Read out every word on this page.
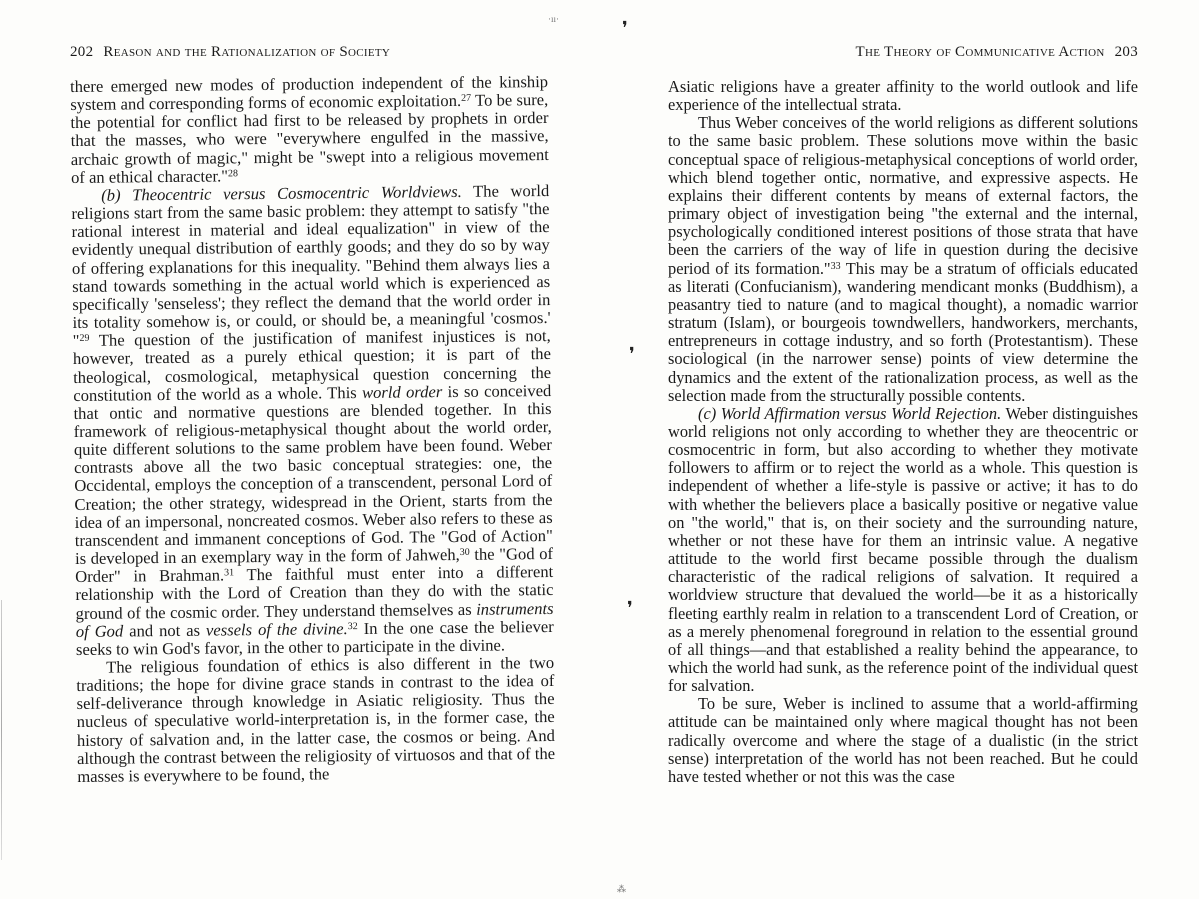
202 Reason and the Rationalization of Society

there emerged new modes of production independent of the kinship system and corresponding forms of economic exploitation.$^{27}$ To be sure, the potential for conflict had first to be released by prophets in order that the masses, who were "everywhere engulfed in the massive, archaic growth of magic," might be "swept into a religious movement of an ethical character."$^{28}$

(b) Theocentric versus Cosmocentric Worldviews. The world religions start from the same basic problem: they attempt to satisfy "the rational interest in material and ideal equalization" in view of the evidently unequal distribution of earthly goods; and they do so by way of offering explanations for this inequality. "Behind them always lies a stand towards something in the actual world which is experienced as specifically 'senseless'; they reflect the demand that the world order in its totality somehow is, or could, or should be, a meaningful 'cosmos.' "$^{29}$ The question of the justification of manifest injustices is not, however, treated as a purely ethical question; it is part of the theological, cosmological, metaphysical question concerning the constitution of the world as a whole. This world order is so conceived that ontic and normative questions are blended together. In this framework of religious-metaphysical thought about the world order, quite different solutions to the same problem have been found. Weber contrasts above all the two basic conceptual strategies: one, the Occidental, employs the conception of a transcendent, personal Lord of Creation; the other strategy, widespread in the Orient, starts from the idea of an impersonal, noncreated cosmos. Weber also refers to these as transcendent and immanent conceptions of God. The "God of Action" is developed in an exemplary way in the form of Jahweh,$^{30}$ the "God of Order" in Brahman.$^{31}$ The faithful must enter into a different relationship with the Lord of Creation than they do with the static ground of the cosmic order. They understand themselves as instruments of God and not as vessels of the divine.$^{32}$ In the one case the believer seeks to win God's favor, in the other to participate in the divine.

The religious foundation of ethics is also different in the two traditions; the hope for divine grace stands in contrast to the idea of self-deliverance through knowledge in Asiatic religiosity. Thus the nucleus of speculative world-interpretation is, in the former case, the history of salvation and, in the latter case, the cosmos or being. And although the contrast between the religiosity of virtuosos and that of the masses is everywhere to be found, the

The Theory of Communicative Action 203

Asiatic religions have a greater affinity to the world outlook and life experience of the intellectual strata.

Thus Weber conceives of the world religions as different solutions to the same basic problem. These solutions move within the basic conceptual space of religious-metaphysical conceptions of world order, which blend together ontic, normative, and expressive aspects. He explains their different contents by means of external factors, the primary object of investigation being "the external and the internal, psychologically conditioned interest positions of those strata that have been the carriers of the way of life in question during the decisive period of its formation."$^{33}$ This may be a stratum of officials educated as literati (Confucianism), wandering mendicant monks (Buddhism), a peasantry tied to nature (and to magical thought), a nomadic warrior stratum (Islam), or bourgeois towndwellers, handworkers, merchants, entrepreneurs in cottage industry, and so forth (Protestantism). These sociological (in the narrower sense) points of view determine the dynamics and the extent of the rationalization process, as well as the selection made from the structurally possible contents.

(c) World Affirmation versus World Rejection. Weber distinguishes world religions not only according to whether they are theocentric or cosmocentric in form, but also according to whether they motivate followers to affirm or to reject the world as a whole. This question is independent of whether a life-style is passive or active; it has to do with whether the believers place a basically positive or negative value on "the world," that is, on their society and the surrounding nature, whether or not these have for them an intrinsic value. A negative attitude to the world first became possible through the dualism characteristic of the radical religions of salvation. It required a worldview structure that devalued the world—be it as a historically fleeting earthly realm in relation to a transcendent Lord of Creation, or as a merely phenomenal foreground in relation to the essential ground of all things—and that established a reality behind the appearance, to which the world had sunk, as the reference point of the individual quest for salvation.

To be sure, Weber is inclined to assume that a world-affirming attitude can be maintained only where magical thought has not been radically overcome and where the stage of a dualistic (in the strict sense) interpretation of the world has not been reached. But he could have tested whether or not this was the case

·ıı·	❜
❜
❜
⁂
